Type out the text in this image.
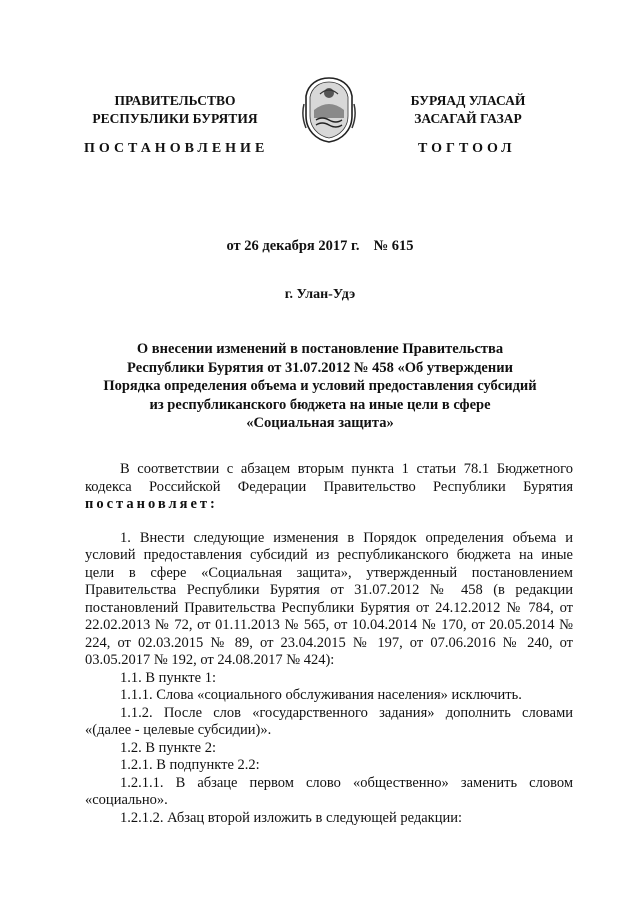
ПРАВИТЕЛЬСТВО
РЕСПУБЛИКИ БУРЯТИЯ
БУРЯАД УЛАСАЙ
ЗАСАГАЙ ГАЗАР
ПОСТАНОВЛЕНИЕ	ТОГТООЛ
от 26 декабря 2017 г. № 615
г. Улан-Удэ
О внесении изменений в постановление Правительства
Республики Бурятия от 31.07.2012 № 458 «Об утверждении
Порядка определения объема и условий предоставления субсидий
из республиканского бюджета на иные цели в сфере
«Социальная защита»

В соответствии с абзацем вторым пункта 1 статьи 78.1 Бюджетного кодекса Российской Федерации Правительство Республики Бурятия постановляет:

1. Внести следующие изменения в Порядок определения объема и условий предоставления субсидий из республиканского бюджета на иные цели в сфере «Социальная защита», утвержденный постановлением Правительства Республики Бурятия от 31.07.2012 № 458 (в редакции постановлений Правительства Республики Бурятия от 24.12.2012 № 784, от 22.02.2013 № 72, от 01.11.2013 № 565, от 10.04.2014 № 170, от 20.05.2014 № 224, от 02.03.2015 № 89, от 23.04.2015 № 197, от 07.06.2016 № 240, от 03.05.2017 № 192, от 24.08.2017 № 424):

1.1. В пункте 1:

1.1.1. Слова «социального обслуживания населения» исключить.

1.1.2. После слов «государственного задания» дополнить словами «(далее - целевые субсидии)».

1.2. В пункте 2:

1.2.1. В подпункте 2.2:

1.2.1.1. В абзаце первом слово «общественно» заменить словом «социально».

1.2.1.2. Абзац второй изложить в следующей редакции:
